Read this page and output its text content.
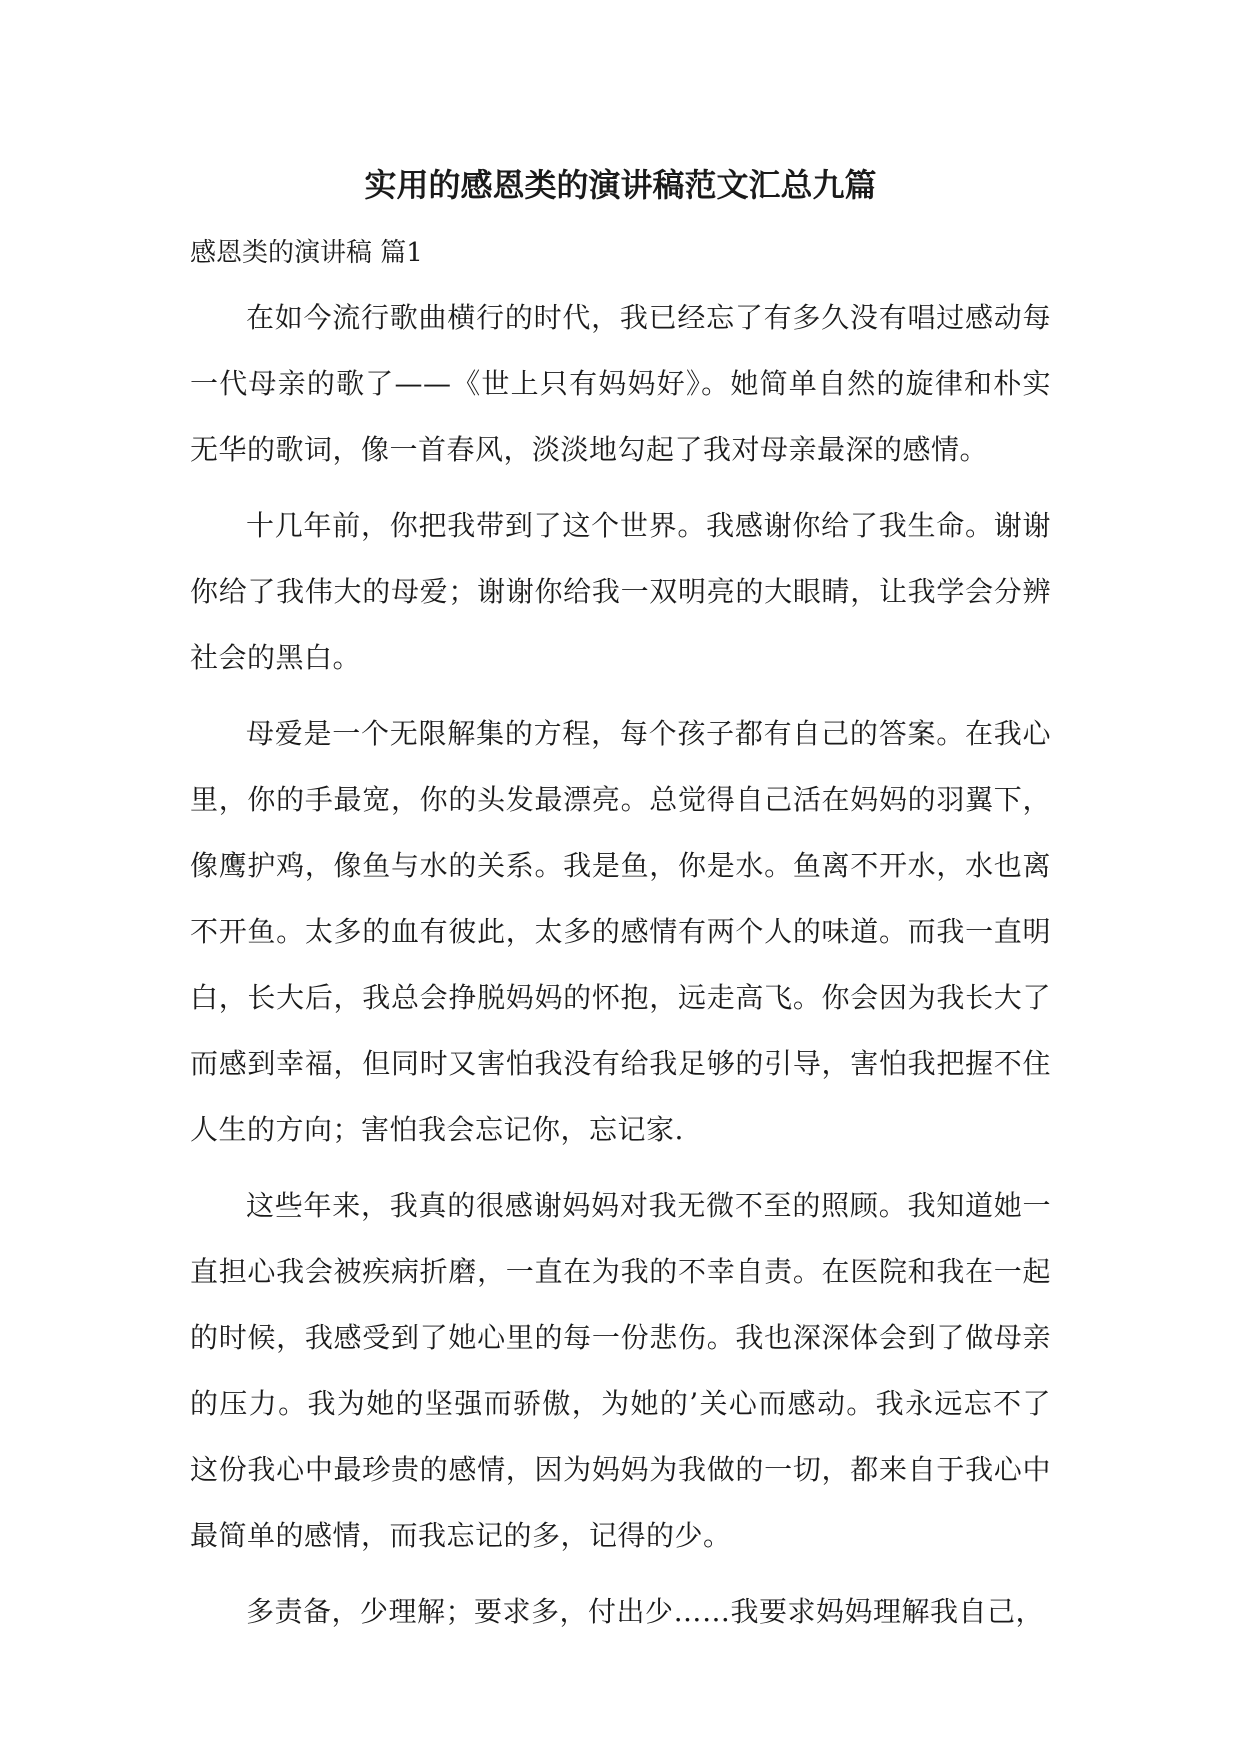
实用的感恩类的演讲稿范文汇总九篇
感恩类的演讲稿 篇1

在如今流行歌曲横行的时代，我已经忘了有多久没有唱过感动每一代母亲的歌了——《世上只有妈妈好》。她简单自然的旋律和朴实无华的歌词，像一首春风，淡淡地勾起了我对母亲最深的感情。

十几年前，你把我带到了这个世界。我感谢你给了我生命。谢谢你给了我伟大的母爱；谢谢你给我一双明亮的大眼睛，让我学会分辨社会的黑白。

母爱是一个无限解集的方程，每个孩子都有自己的答案。在我心里，你的手最宽，你的头发最漂亮。总觉得自己活在妈妈的羽翼下，像鹰护鸡，像鱼与水的关系。我是鱼，你是水。鱼离不开水，水也离不开鱼。太多的血有彼此，太多的感情有两个人的味道。而我一直明白，长大后，我总会挣脱妈妈的怀抱，远走高飞。你会因为我长大了而感到幸福，但同时又害怕我没有给我足够的引导，害怕我把握不住人生的方向；害怕我会忘记你，忘记家.

这些年来，我真的很感谢妈妈对我无微不至的照顾。我知道她一直担心我会被疾病折磨，一直在为我的不幸自责。在医院和我在一起的时候，我感受到了她心里的每一份悲伤。我也深深体会到了做母亲的压力。我为她的坚强而骄傲，为她的’关心而感动。我永远忘不了这份我心中最珍贵的感情，因为妈妈为我做的一切，都来自于我心中最简单的感情，而我忘记的多，记得的少。

多责备，少理解；要求多，付出少……我要求妈妈理解我自己，
